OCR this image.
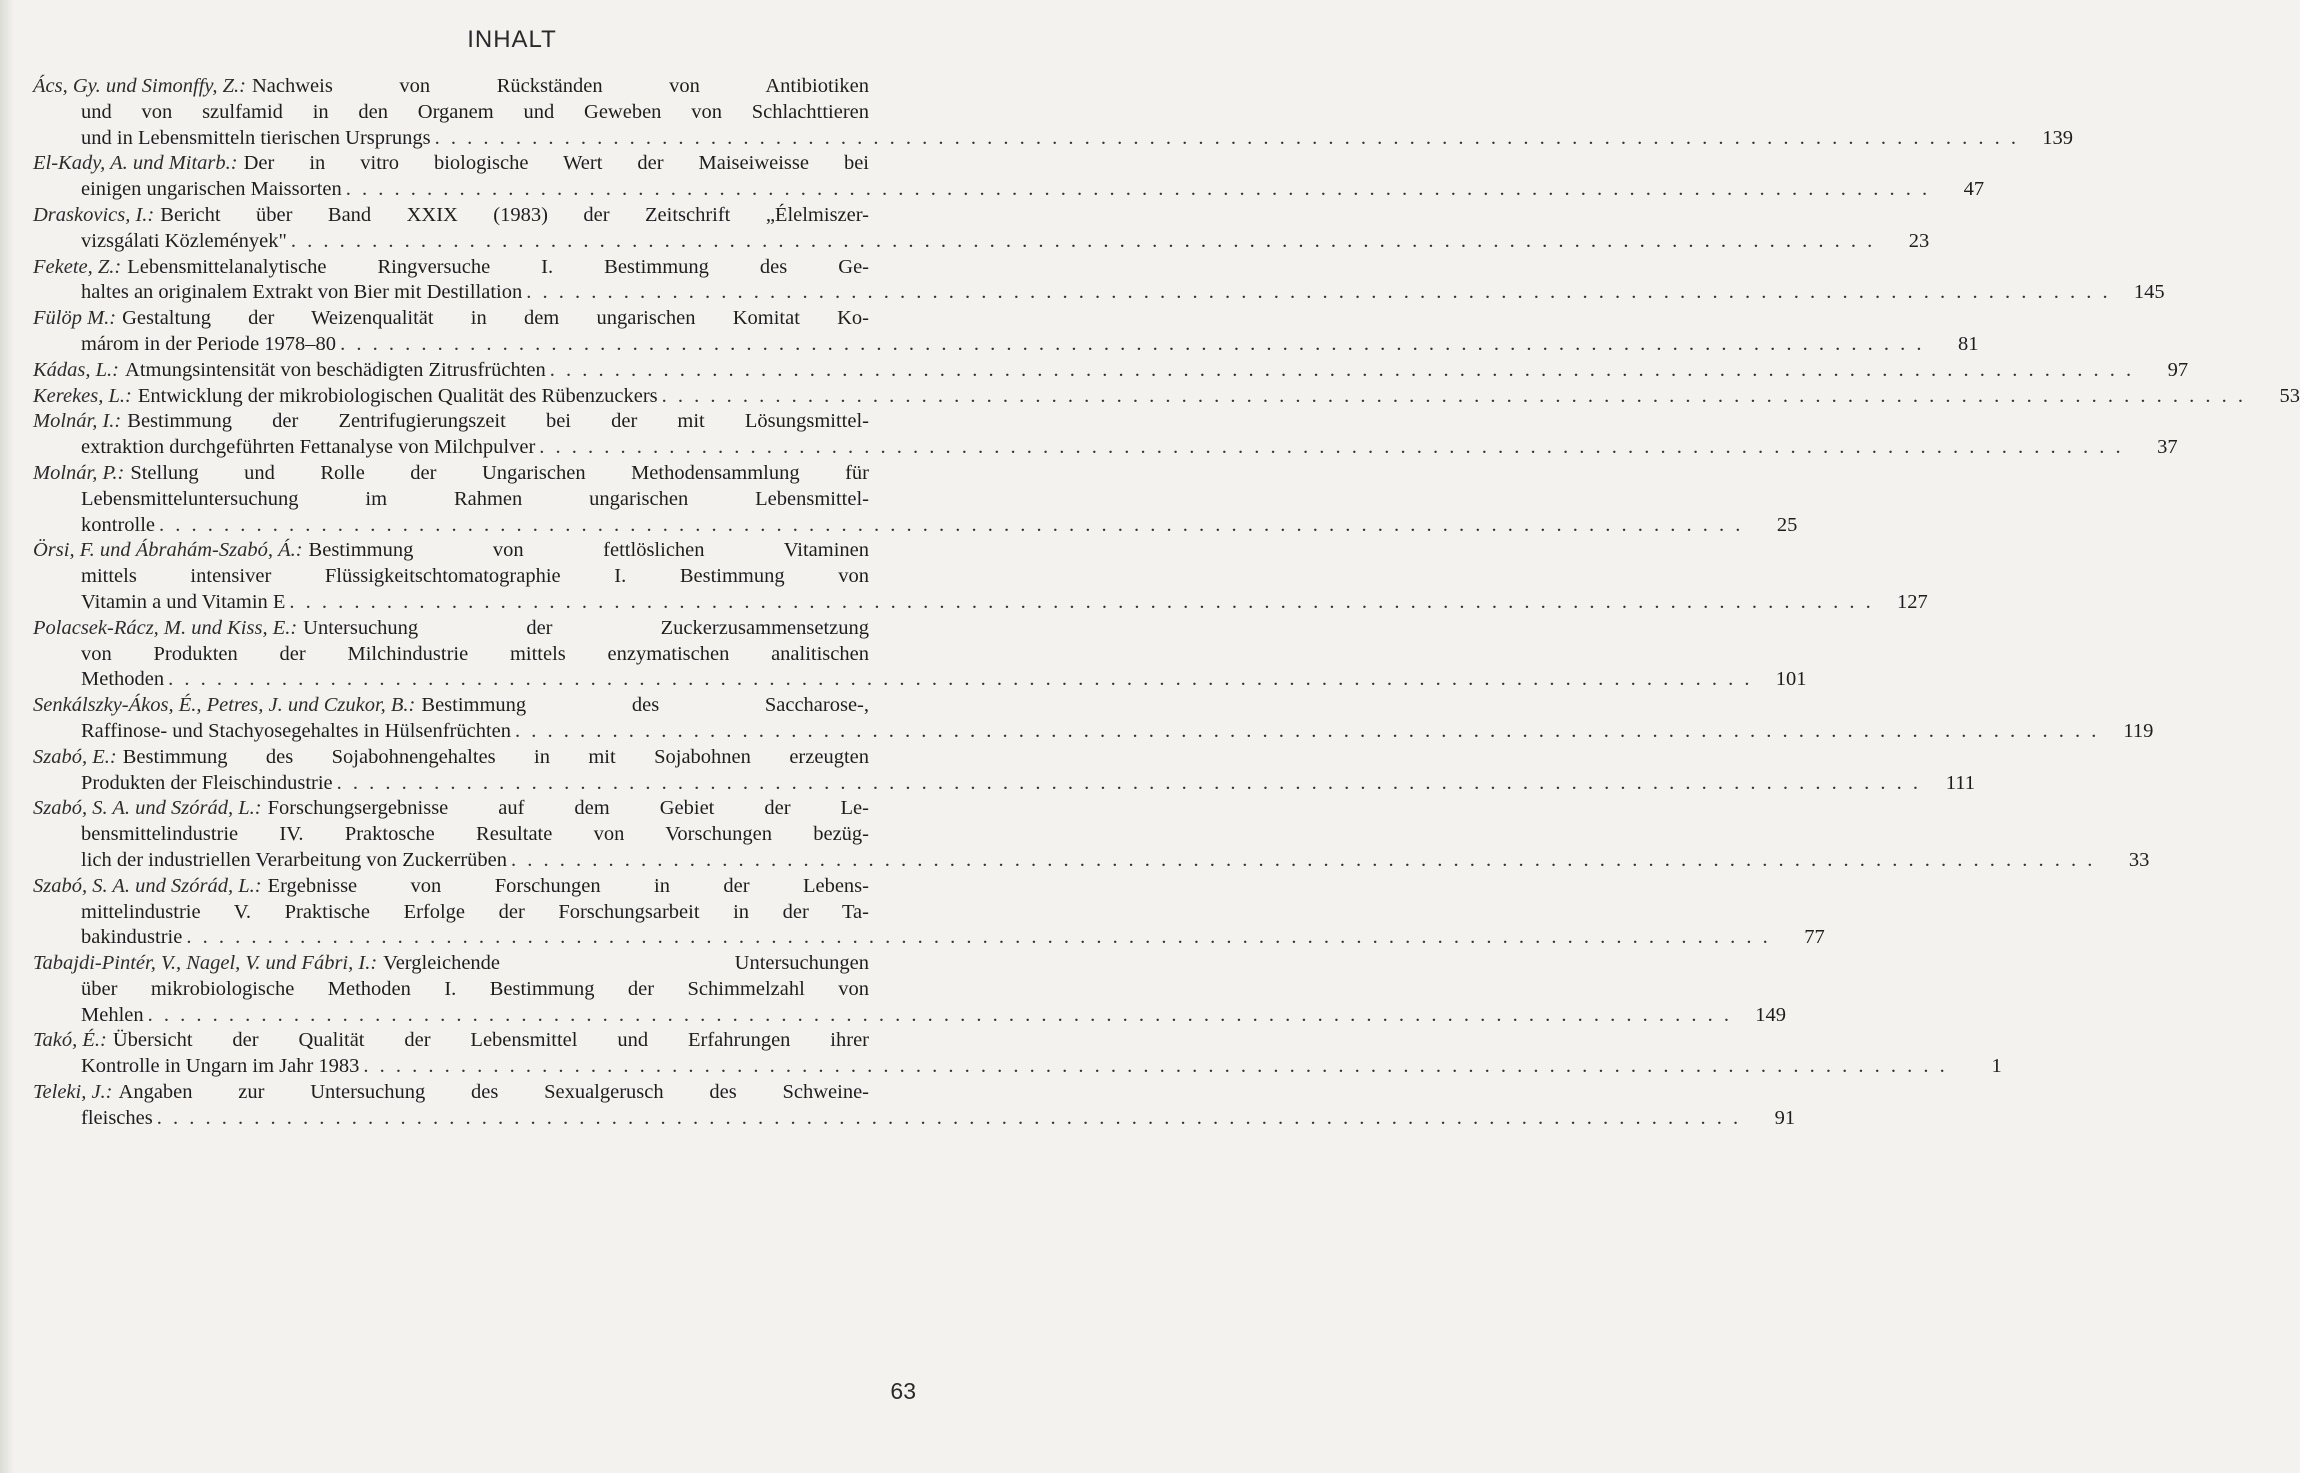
INHALT
Ács, Gy. und Simonffy, Z.: Nachweis von Rückständen von Antibiotiken
und von szulfamid in den Organem und Geweben von Schlachttieren
und in Lebensmitteln tierischen Ursprungs . . . . . . . . . . . . . . . . . . . . . . . . . . . . . . . . . . . . . . . . . . . . . . . . . . . . . . . . . . . . . . . . . . . . . . . . . . . . . . . . . . . . . . . . . . . . . . . . . .	139
El-Kady, A. und Mitarb.: Der in vitro biologische Wert der Maiseiweisse bei
einigen ungarischen Maissorten . . . . . . . . . . . . . . . . . . . . . . . . . . . . . . . . . . . . . . . . . . . . . . . . . . . . . . . . . . . . . . . . . . . . . . . . . . . . . . . . . . . . . . . . . . . . . . . . . .	47
Draskovics, I.: Bericht über Band XXIX (1983) der Zeitschrift „Élelmiszer-
vizsgálati Közlemények" . . . . . . . . . . . . . . . . . . . . . . . . . . . . . . . . . . . . . . . . . . . . . . . . . . . . . . . . . . . . . . . . . . . . . . . . . . . . . . . . . . . . . . . . . . . . . . . . . .	23
Fekete, Z.: Lebensmittelanalytische Ringversuche I. Bestimmung des Ge-
haltes an originalem Extrakt von Bier mit Destillation . . . . . . . . . . . . . . . . . . . . . . . . . . . . . . . . . . . . . . . . . . . . . . . . . . . . . . . . . . . . . . . . . . . . . . . . . . . . . . . . . . . . . . . . . . . . . . . . . .	145
Fülöp M.: Gestaltung der Weizenqualität in dem ungarischen Komitat Ko-
márom in der Periode 1978–80 . . . . . . . . . . . . . . . . . . . . . . . . . . . . . . . . . . . . . . . . . . . . . . . . . . . . . . . . . . . . . . . . . . . . . . . . . . . . . . . . . . . . . . . . . . . . . . . . . .	81
Kádas, L.: Atmungsintensität von beschädigten Zitrusfrüchten . . . . . . . . . . . . . . . . . . . . . . . . . . . . . . . . . . . . . . . . . . . . . . . . . . . . . . . . . . . . . . . . . . . . . . . . . . . . . . . . . . . . . . . . . . . . . . . . . .	97
Kerekes, L.: Entwicklung der mikrobiologischen Qualität des Rübenzuckers . . . . . . . . . . . . . . . . . . . . . . . . . . . . . . . . . . . . . . . . . . . . . . . . . . . . . . . . . . . . . . . . . . . . . . . . . . . . . . . . . . . . . . . . . . . . . . . . . .	53
Molnár, I.: Bestimmung der Zentrifugierungszeit bei der mit Lösungsmittel-
extraktion durchgeführten Fettanalyse von Milchpulver . . . . . . . . . . . . . . . . . . . . . . . . . . . . . . . . . . . . . . . . . . . . . . . . . . . . . . . . . . . . . . . . . . . . . . . . . . . . . . . . . . . . . . . . . . . . . . . . . .	37
Molnár, P.: Stellung und Rolle der Ungarischen Methodensammlung für
Lebensmitteluntersuchung im Rahmen ungarischen Lebensmittel-
kontrolle . . . . . . . . . . . . . . . . . . . . . . . . . . . . . . . . . . . . . . . . . . . . . . . . . . . . . . . . . . . . . . . . . . . . . . . . . . . . . . . . . . . . . . . . . . . . . . . . . .	25
Örsi, F. und Ábrahám-Szabó, Á.: Bestimmung von fettlöslichen Vitaminen
mittels intensiver Flüssigkeitschtomatographie I. Bestimmung von
Vitamin a und Vitamin E . . . . . . . . . . . . . . . . . . . . . . . . . . . . . . . . . . . . . . . . . . . . . . . . . . . . . . . . . . . . . . . . . . . . . . . . . . . . . . . . . . . . . . . . . . . . . . . . . .	127
Polacsek-Rácz, M. und Kiss, E.: Untersuchung der Zuckerzusammensetzung
von Produkten der Milchindustrie mittels enzymatischen analitischen
Methoden . . . . . . . . . . . . . . . . . . . . . . . . . . . . . . . . . . . . . . . . . . . . . . . . . . . . . . . . . . . . . . . . . . . . . . . . . . . . . . . . . . . . . . . . . . . . . . . . . .	101
Senkálszky-Ákos, É., Petres, J. und Czukor, B.: Bestimmung des Saccharose-,
Raffinose- und Stachyosegehaltes in Hülsenfrüchten . . . . . . . . . . . . . . . . . . . . . . . . . . . . . . . . . . . . . . . . . . . . . . . . . . . . . . . . . . . . . . . . . . . . . . . . . . . . . . . . . . . . . . . . . . . . . . . . . .	119
Szabó, E.: Bestimmung des Sojabohnengehaltes in mit Sojabohnen erzeugten
Produkten der Fleischindustrie . . . . . . . . . . . . . . . . . . . . . . . . . . . . . . . . . . . . . . . . . . . . . . . . . . . . . . . . . . . . . . . . . . . . . . . . . . . . . . . . . . . . . . . . . . . . . . . . . .	111
Szabó, S. A. und Szórád, L.: Forschungsergebnisse auf dem Gebiet der Le-
bensmittelindustrie IV. Praktosche Resultate von Vorschungen bezüg-
lich der industriellen Verarbeitung von Zuckerrüben . . . . . . . . . . . . . . . . . . . . . . . . . . . . . . . . . . . . . . . . . . . . . . . . . . . . . . . . . . . . . . . . . . . . . . . . . . . . . . . . . . . . . . . . . . . . . . . . . .	33
Szabó, S. A. und Szórád, L.: Ergebnisse von Forschungen in der Lebens-
mittelindustrie V. Praktische Erfolge der Forschungsarbeit in der Ta-
bakindustrie . . . . . . . . . . . . . . . . . . . . . . . . . . . . . . . . . . . . . . . . . . . . . . . . . . . . . . . . . . . . . . . . . . . . . . . . . . . . . . . . . . . . . . . . . . . . . . . . . .	77
Tabajdi-Pintér, V., Nagel, V. und Fábri, I.: Vergleichende Untersuchungen
über mikrobiologische Methoden I. Bestimmung der Schimmelzahl von
Mehlen . . . . . . . . . . . . . . . . . . . . . . . . . . . . . . . . . . . . . . . . . . . . . . . . . . . . . . . . . . . . . . . . . . . . . . . . . . . . . . . . . . . . . . . . . . . . . . . . . .	149
Takó, É.: Übersicht der Qualität der Lebensmittel und Erfahrungen ihrer
Kontrolle in Ungarn im Jahr 1983 . . . . . . . . . . . . . . . . . . . . . . . . . . . . . . . . . . . . . . . . . . . . . . . . . . . . . . . . . . . . . . . . . . . . . . . . . . . . . . . . . . . . . . . . . . . . . . . . . .	1
Teleki, J.: Angaben zur Untersuchung des Sexualgerusch des Schweine-
fleisches . . . . . . . . . . . . . . . . . . . . . . . . . . . . . . . . . . . . . . . . . . . . . . . . . . . . . . . . . . . . . . . . . . . . . . . . . . . . . . . . . . . . . . . . . . . . . . . . . .	91
63
